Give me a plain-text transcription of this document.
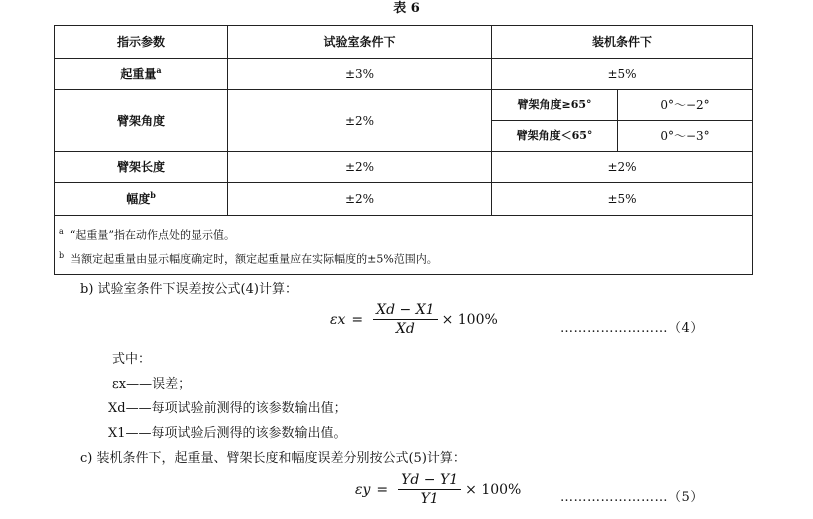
表 6
指示参数	试验室条件下	装机条件下	
起重量$^a$	±3%	±5%	
臂架角度	±2%	臂架角度≥65°	0°～−2°
		臂架角度＜65°	0°～−3°
臂架长度	±2%	±2%	
幅度$^b$	±2%	±5%	
$^a$ “起重量”指在动作点处的显示值。			
$^b$ 当额定起重量由显示幅度确定时，额定起重量应在实际幅度的±5%范围内。			
b) 试验室条件下误差按公式(4)计算：
$\varepsilon x = \frac{Xd - X1}{Xd} \times 100\%$
……………………（4）
式中：
εx——误差；
Xd——每项试验前测得的该参数输出值；
X1——每项试验后测得的该参数输出值。
c) 装机条件下，起重量、臂架长度和幅度误差分别按公式(5)计算：
$\varepsilon y = \frac{Yd - Y1}{Y1} \times 100\%$	……………………（5）
